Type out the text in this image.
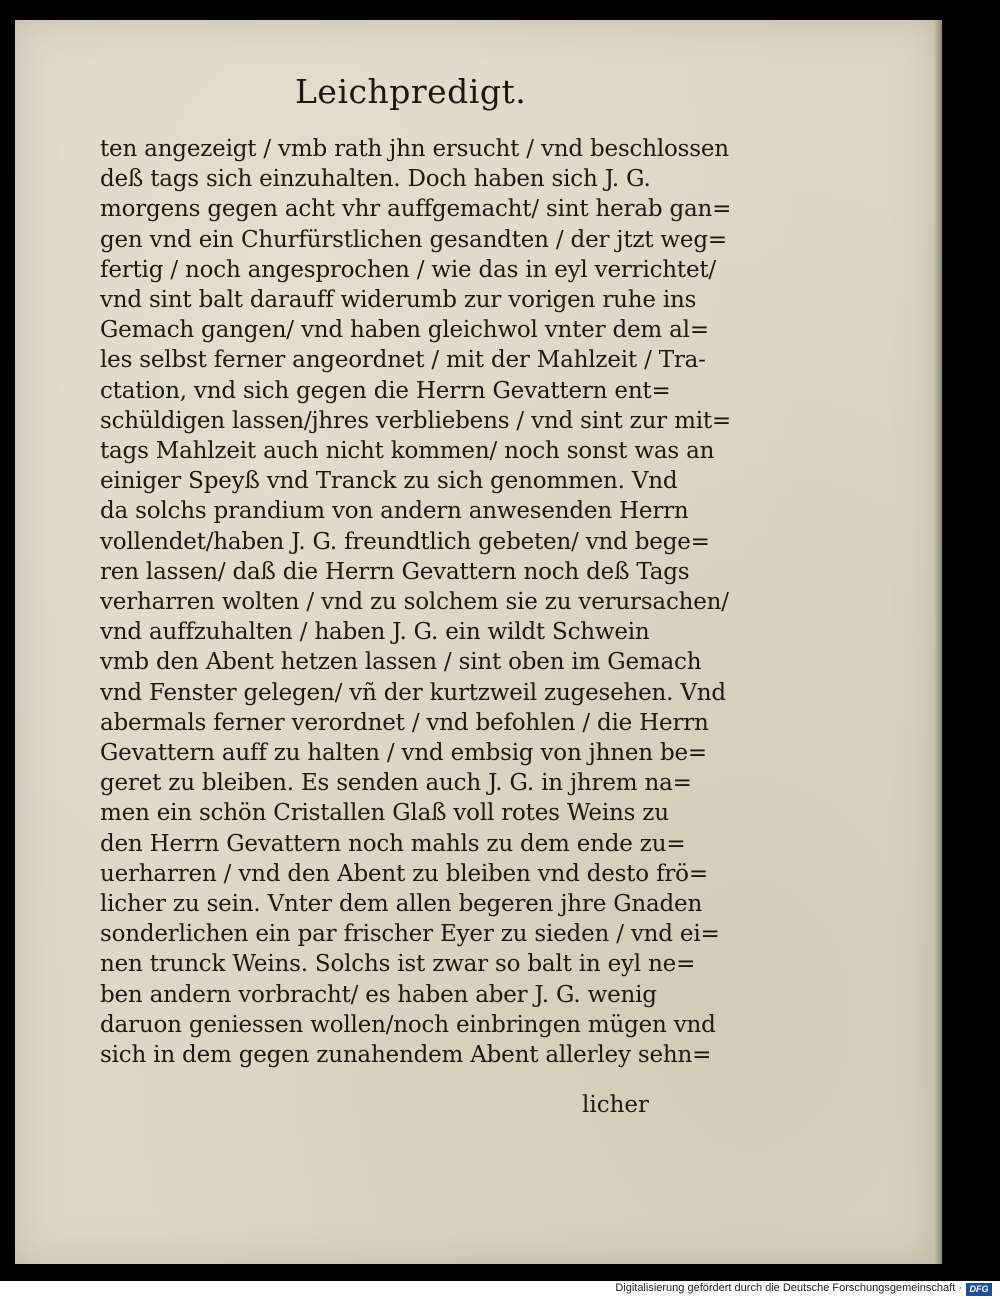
Leichpredigt.
ten angezeigt / vmb rath jhn ersucht / vnd beschlossen
deß tags sich einzuhalten. Doch haben sich J. G.
morgens gegen acht vhr auffgemacht/ sint herab gan=
gen vnd ein Churfürstlichen gesandten / der jtzt weg=
fertig / noch angesprochen / wie das in eyl verrichtet/
vnd sint balt darauff widerumb zur vorigen ruhe ins
Gemach gangen/ vnd haben gleichwol vnter dem al=
les selbst ferner angeordnet / mit der Mahlzeit / Tra-
ctation, vnd sich gegen die Herrn Gevattern ent=
schüldigen lassen/jhres verbliebens / vnd sint zur mit=
tags Mahlzeit auch nicht kommen/ noch sonst was an
einiger Speyß vnd Tranck zu sich genommen. Vnd
da solchs prandium von andern anwesenden Herrn
vollendet/haben J. G. freundtlich gebeten/ vnd bege=
ren lassen/ daß die Herrn Gevattern noch deß Tags
verharren wolten / vnd zu solchem sie zu verursachen/
vnd auffzuhalten / haben J. G. ein wildt Schwein
vmb den Abent hetzen lassen / sint oben im Gemach
vnd Fenster gelegen/ vñ der kurtzweil zugesehen. Vnd
abermals ferner verordnet / vnd befohlen / die Herrn
Gevattern auff zu halten / vnd embsig von jhnen be=
geret zu bleiben. Es senden auch J. G. in jhrem na=
men ein schön Cristallen Glaß voll rotes Weins zu
den Herrn Gevattern noch mahls zu dem ende zu=
uerharren / vnd den Abent zu bleiben vnd desto frö=
licher zu sein. Vnter dem allen begeren jhre Gnaden
sonderlichen ein par frischer Eyer zu sieden / vnd ei=
nen trunck Weins. Solchs ist zwar so balt in eyl ne=
ben andern vorbracht/ es haben aber J. G. wenig
daruon geniessen wollen/noch einbringen mügen vnd
sich in dem gegen zunahendem Abent allerley sehn=
licher
Digitalisierung gefördert durch die Deutsche Forschungsgemeinschaft · DFG
